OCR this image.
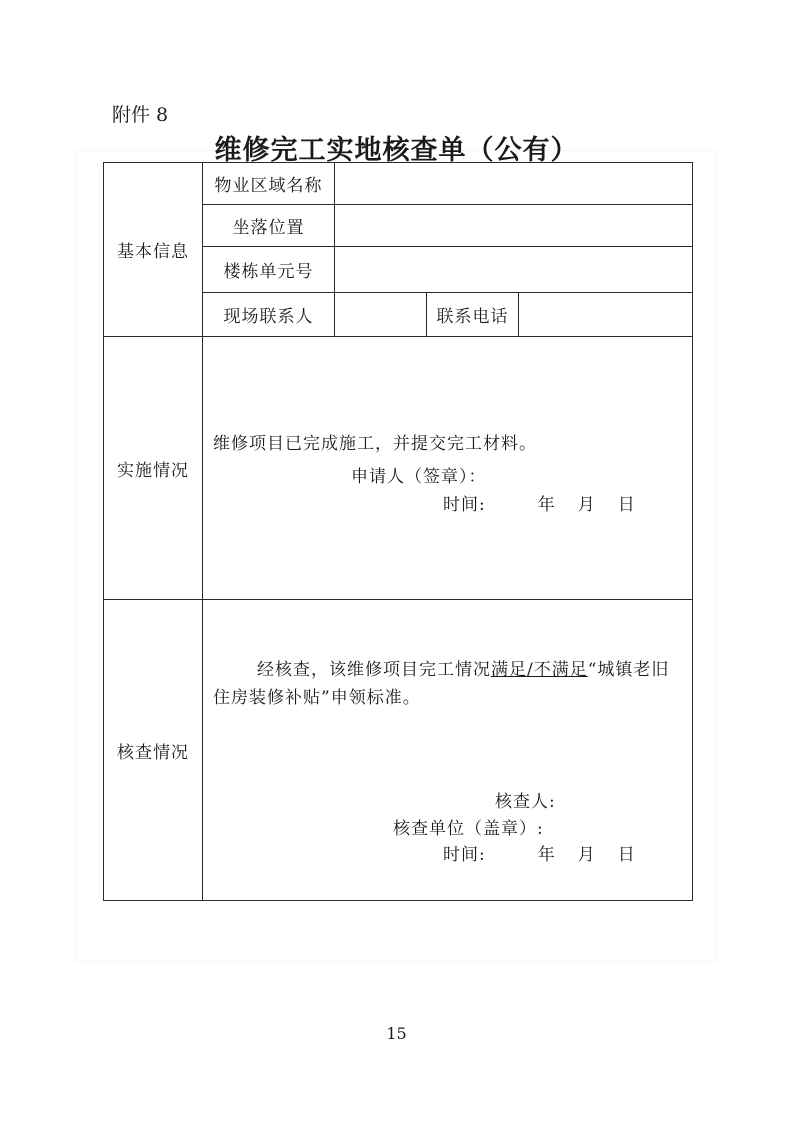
附件 8
维修完工实地核查单（公有）
基本信息	物业区域名称			
	坐落位置			
	楼栋单元号			
	现场联系人		联系电话	
实施情况	维修项目已完成施工，并提交完工材料。
申请人（签章）：
时间: 年 月 日			

核查情况	经核查，该维修项目完工情况满足/不满足“城镇老旧住房装修补贴”申领标准。
核查人:
核查单位（盖章）:
时间: 年 月 日			
15
